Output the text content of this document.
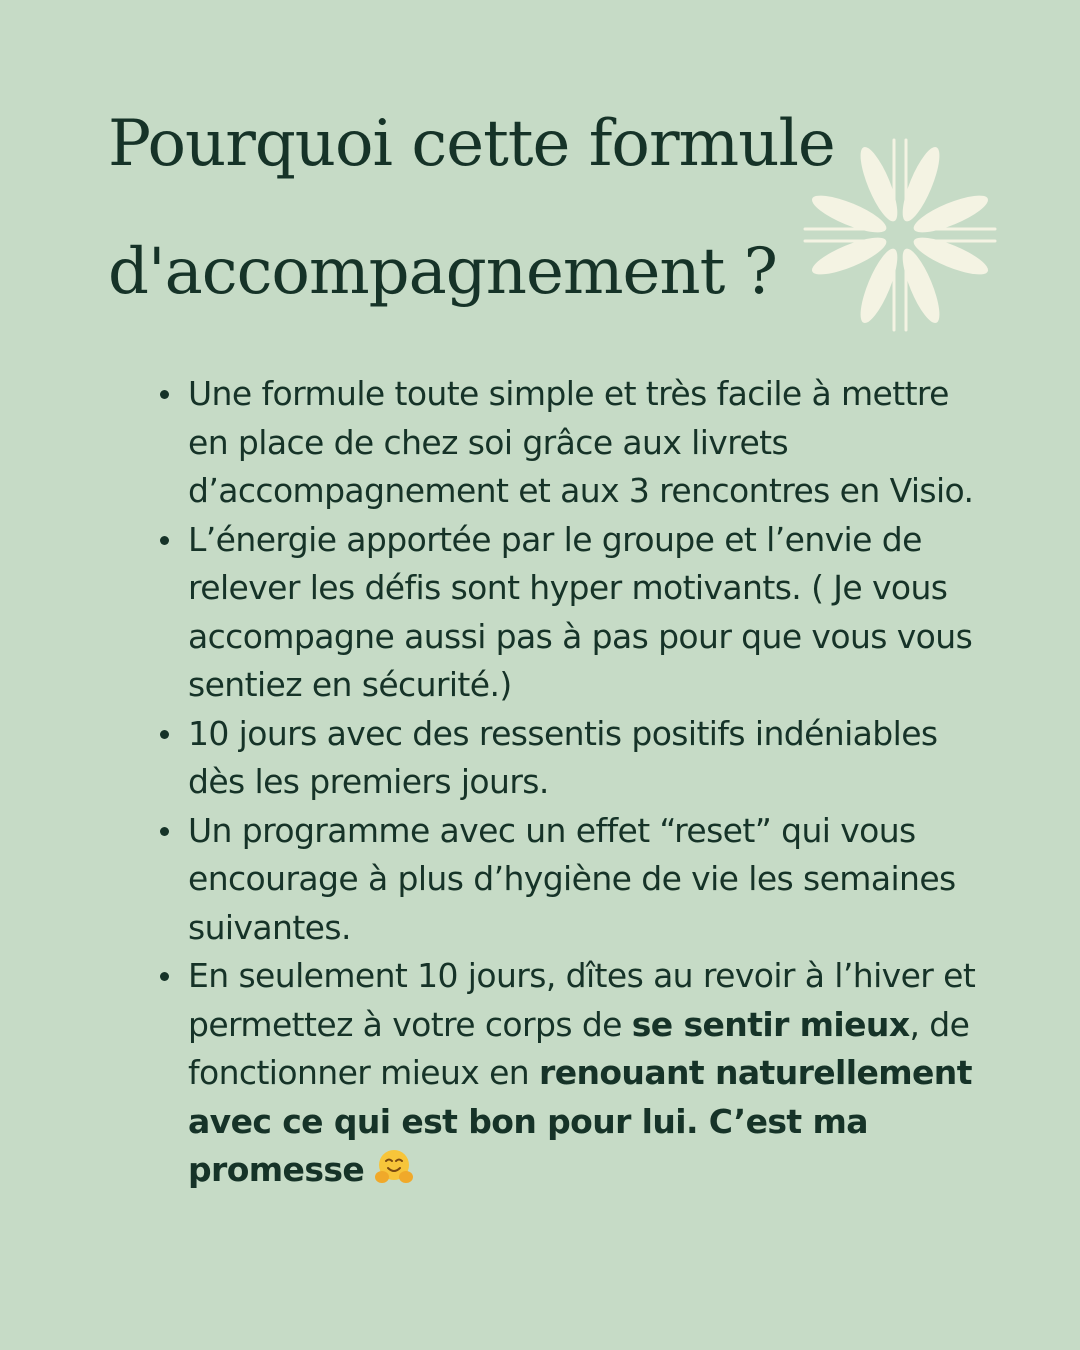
Pourquoi cette formule
d'accompagnement ?
Une formule toute simple et très facile à mettre en place de chez soi grâce aux livrets d’accompagnement et aux 3 rencontres en Visio.
L’énergie apportée par le groupe et l’envie de relever les défis sont hyper motivants. ( Je vous accompagne aussi pas à pas pour que vous vous sentiez en sécurité.)
10 jours avec des ressentis positifs indéniables dès les premiers jours.
Un programme avec un effet “reset” qui vous encourage à plus d’hygiène de vie les semaines suivantes.
En seulement 10 jours, dîtes au revoir à l’hiver et permettez à votre corps de se sentir mieux, de fonctionner mieux en renouant naturellement avec ce qui est bon pour lui. C’est ma promesse
